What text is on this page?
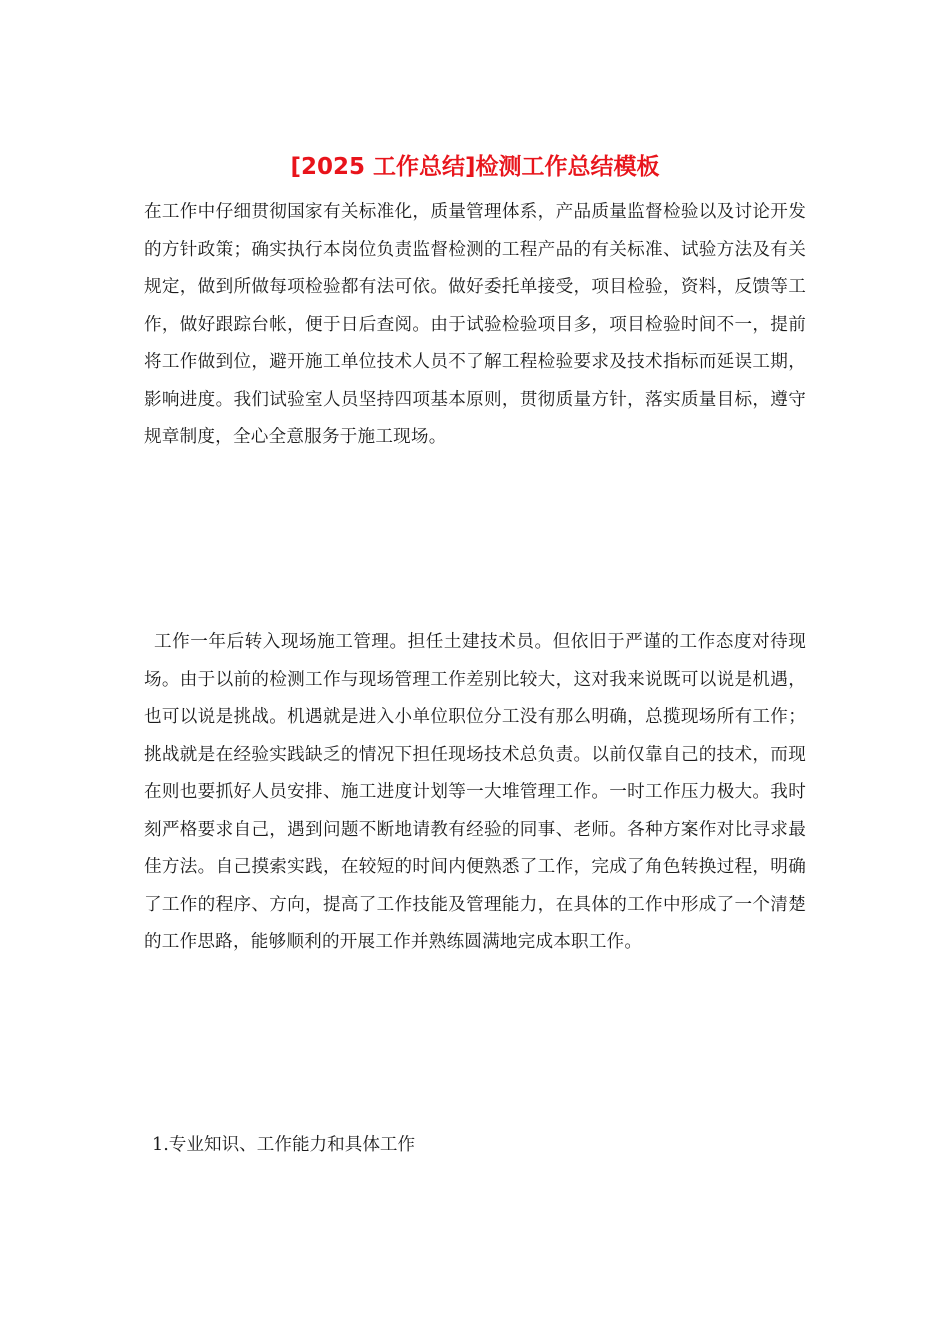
[2025 工作总结]检测工作总结模板

在工作中仔细贯彻国家有关标准化，质量管理体系，产品质量监督检验以及讨论开发的方针政策；确实执行本岗位负责监督检测的工程产品的有关标准、试验方法及有关规定，做到所做每项检验都有法可依。做好委托单接受，项目检验，资料，反馈等工作，做好跟踪台帐，便于日后查阅。由于试验检验项目多，项目检验时间不一，提前将工作做到位，避开施工单位技术人员不了解工程检验要求及技术指标而延误工期，影响进度。我们试验室人员坚持四项基本原则，贯彻质量方针，落实质量目标，遵守规章制度，全心全意服务于施工现场。

工作一年后转入现场施工管理。担任土建技术员。但依旧于严谨的工作态度对待现场。由于以前的检测工作与现场管理工作差别比较大，这对我来说既可以说是机遇，也可以说是挑战。机遇就是进入小单位职位分工没有那么明确，总揽现场所有工作；挑战就是在经验实践缺乏的情况下担任现场技术总负责。以前仅靠自己的技术，而现在则也要抓好人员安排、施工进度计划等一大堆管理工作。一时工作压力极大。我时刻严格要求自己，遇到问题不断地请教有经验的同事、老师。各种方案作对比寻求最佳方法。自己摸索实践，在较短的时间内便熟悉了工作，完成了角色转换过程，明确了工作的程序、方向，提高了工作技能及管理能力，在具体的工作中形成了一个清楚的工作思路，能够顺利的开展工作并熟练圆满地完成本职工作。

1.专业知识、工作能力和具体工作
